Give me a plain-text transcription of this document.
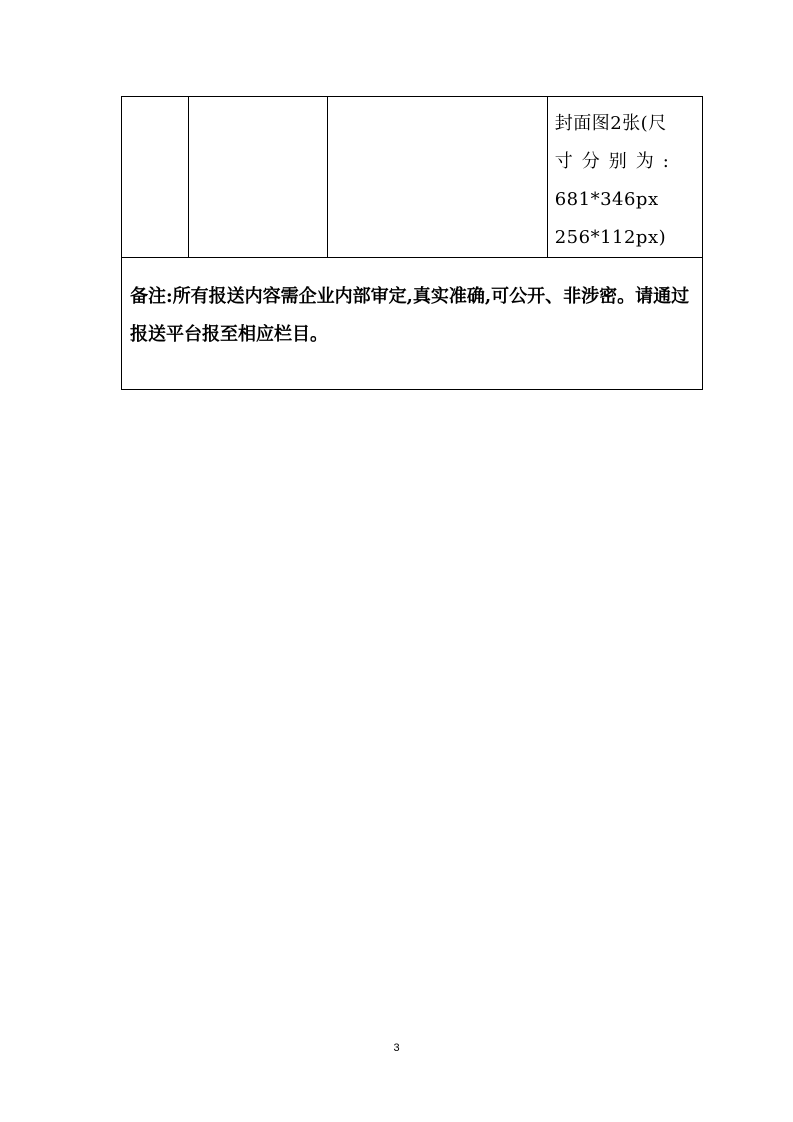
封面图2张(尺
寸分别为:
681*346px
256*112px)

备注:所有报送内容需企业内部审定,真实准确,可公开、非涉密。请通过报送平台报至相应栏目。
3
